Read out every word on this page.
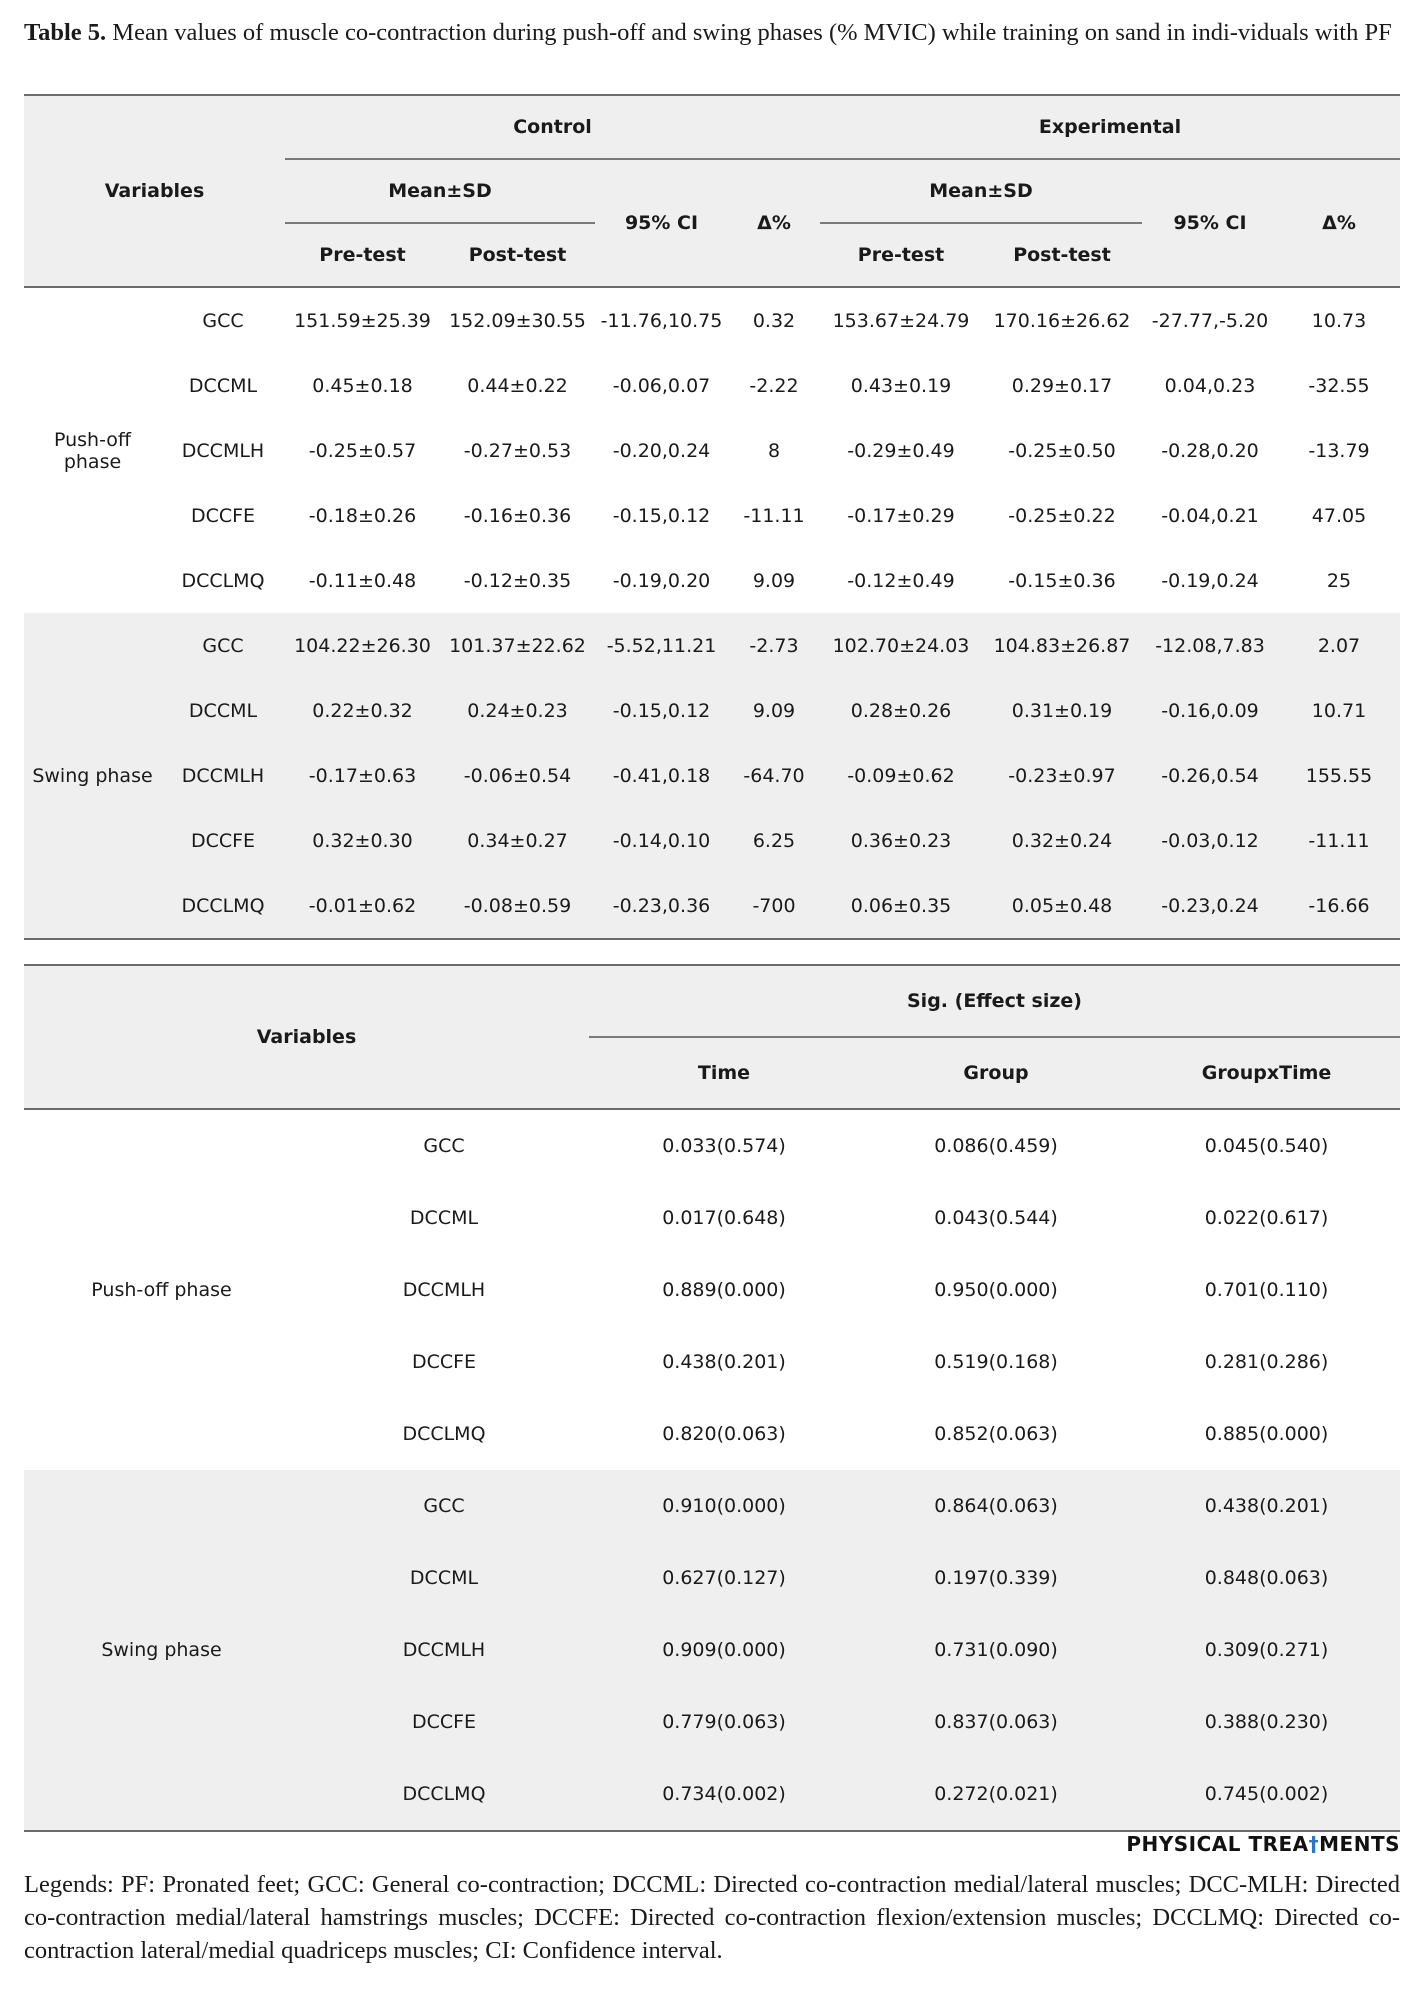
Table 5. Mean values of muscle co-contraction during push-off and swing phases (% MVIC) while training on sand in indi-viduals with PF
Variables		Control				Experimental			
		Mean±SD		95% CI	Δ%	Mean±SD		95% CI	Δ%
		Pre-test	Post-test			Pre-test	Post-test		
Push-off phase	GCC	151.59±25.39	152.09±30.55	-11.76,10.75	0.32	153.67±24.79	170.16±26.62	-27.77,-5.20	10.73
	DCCML	0.45±0.18	0.44±0.22	-0.06,0.07	-2.22	0.43±0.19	0.29±0.17	0.04,0.23	-32.55
	DCCMLH	-0.25±0.57	-0.27±0.53	-0.20,0.24	8	-0.29±0.49	-0.25±0.50	-0.28,0.20	-13.79
	DCCFE	-0.18±0.26	-0.16±0.36	-0.15,0.12	-11.11	-0.17±0.29	-0.25±0.22	-0.04,0.21	47.05
	DCCLMQ	-0.11±0.48	-0.12±0.35	-0.19,0.20	9.09	-0.12±0.49	-0.15±0.36	-0.19,0.24	25
Swing phase	GCC	104.22±26.30	101.37±22.62	-5.52,11.21	-2.73	102.70±24.03	104.83±26.87	-12.08,7.83	2.07
	DCCML	0.22±0.32	0.24±0.23	-0.15,0.12	9.09	0.28±0.26	0.31±0.19	-0.16,0.09	10.71
	DCCMLH	-0.17±0.63	-0.06±0.54	-0.41,0.18	-64.70	-0.09±0.62	-0.23±0.97	-0.26,0.54	155.55
	DCCFE	0.32±0.30	0.34±0.27	-0.14,0.10	6.25	0.36±0.23	0.32±0.24	-0.03,0.12	-11.11
	DCCLMQ	-0.01±0.62	-0.08±0.59	-0.23,0.36	-700	0.06±0.35	0.05±0.48	-0.23,0.24	-16.66
Variables		Sig. (Effect size)		
		Time	Group	GroupxTime
Push-off phase	GCC	0.033(0.574)	0.086(0.459)	0.045(0.540)
	DCCML	0.017(0.648)	0.043(0.544)	0.022(0.617)
	DCCMLH	0.889(0.000)	0.950(0.000)	0.701(0.110)
	DCCFE	0.438(0.201)	0.519(0.168)	0.281(0.286)
	DCCLMQ	0.820(0.063)	0.852(0.063)	0.885(0.000)
Swing phase	GCC	0.910(0.000)	0.864(0.063)	0.438(0.201)
	DCCML	0.627(0.127)	0.197(0.339)	0.848(0.063)
	DCCMLH	0.909(0.000)	0.731(0.090)	0.309(0.271)
	DCCFE	0.779(0.063)	0.837(0.063)	0.388(0.230)
	DCCLMQ	0.734(0.002)	0.272(0.021)	0.745(0.002)
PHYSICAL TREA†MENTS
Legends: PF: Pronated feet; GCC: General co-contraction; DCCML: Directed co-contraction medial/lateral muscles; DCC-MLH: Directed co-contraction medial/lateral hamstrings muscles; DCCFE: Directed co-contraction flexion/extension muscles; DCCLMQ: Directed co-contraction lateral/medial quadriceps muscles; CI: Confidence interval.
